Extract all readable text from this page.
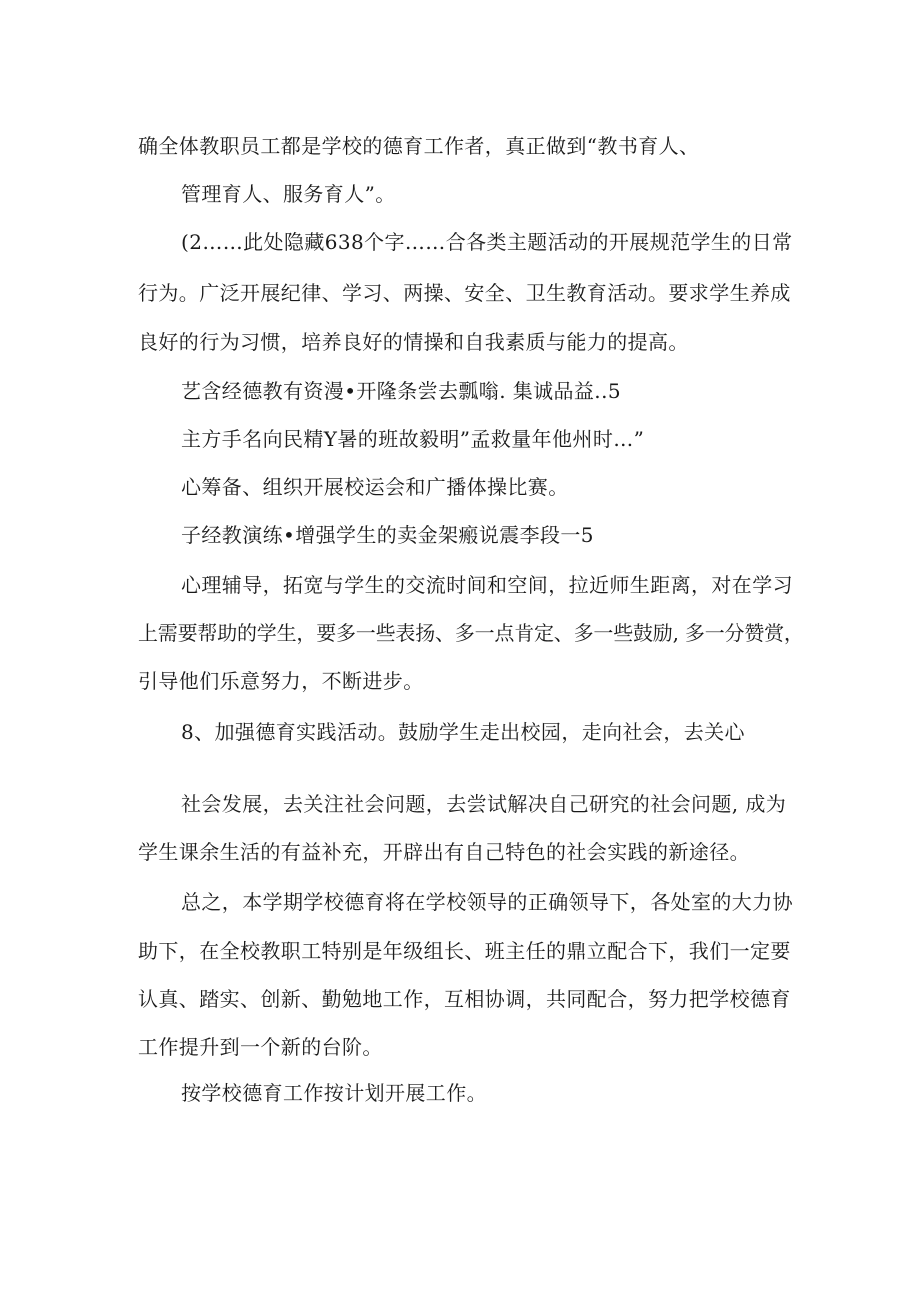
确全体教职员工都是学校的德育工作者，真正做到“教书育人、
管理育人、服务育人”。
(2……此处隐藏638个字……合各类主题活动的开展规范学生的日常
行为。广泛开展纪律、学习、两操、安全、卫生教育活动。要求学生养成
良好的行为习惯，培养良好的情操和自我素质与能力的提高。
艺含经德教有资漫•开隆条尝去瓢嗡. 集诚品益..5
主方手名向民精Y暑的班故毅明”孟救量年他州时…”
心筹备、组织开展校运会和广播体操比赛。
子经教演练•增强学生的卖金架瘢说震李段一5
心理辅导，拓宽与学生的交流时间和空间，拉近师生距离，对在学习
上需要帮助的学生，要多一些表扬、多一点肯定、多一些鼓励, 多一分赞赏，
引导他们乐意努力，不断进步。
8、加强德育实践活动。鼓励学生走出校园，走向社会，去关心
社会发展，去关注社会问题，去尝试解决自己研究的社会问题, 成为
学生课余生活的有益补充，开辟出有自己特色的社会实践的新途径。
总之，本学期学校德育将在学校领导的正确领导下，各处室的大力协
助下，在全校教职工特别是年级组长、班主任的鼎立配合下，我们一定要
认真、踏实、创新、勤勉地工作，互相协调，共同配合，努力把学校德育
工作提升到一个新的台阶。
按学校德育工作按计划开展工作。
